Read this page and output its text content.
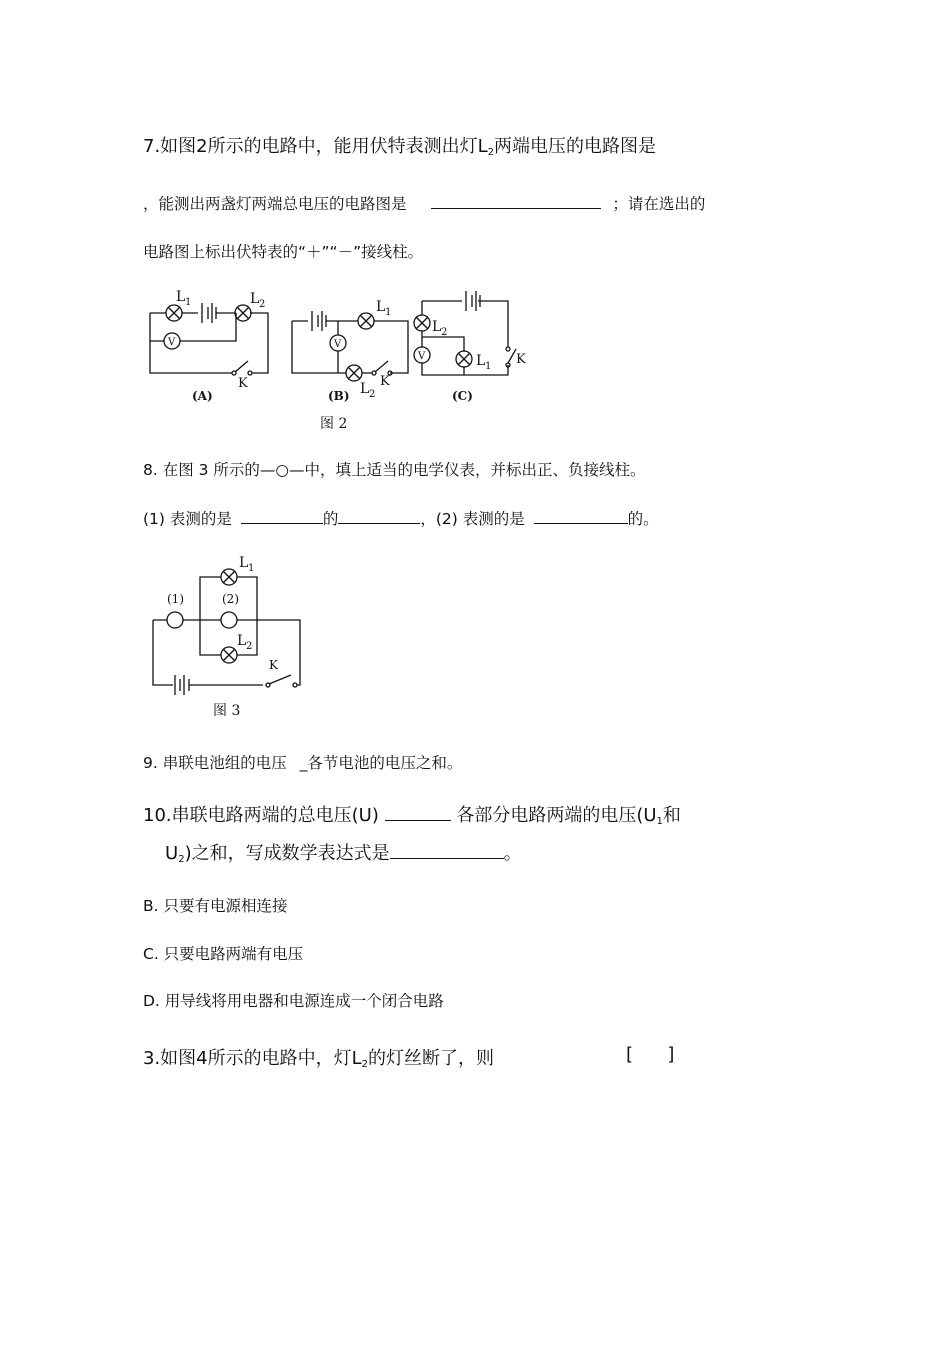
7.如图2所示的电路中，能用伏特表测出灯$L_2$两端电压的电路图是
，能测出两盏灯两端总电压的电路图是	；请在选出的
电路图上标出伏特表的“＋”“－”接线柱。
L 1	L 2
V
K
(A)
L 1
V
L 2
K
(B)
L 2
V	L 1 K
(C)
图 2
8. 在图 3 所示的—○—中，填上适当的电学仪表，并标出正、负接线柱。
(1) 表测的是	的	，(2) 表测的是	的。
(1)	(2)
L 1
L 2
K
图 3
9. 串联电池组的电压 _各节电池的电压之和。
10.串联电路两端的总电压(U)	各部分电路两端的电压($U_1$和
$U_2$)之和，写成数学表达式是	。
B. 只要有电源相连接
C. 只要电路两端有电压
D. 用导线将用电器和电源连成一个闭合电路
3.如图4所示的电路中，灯$L_2$的灯丝断了，则	[      ]
